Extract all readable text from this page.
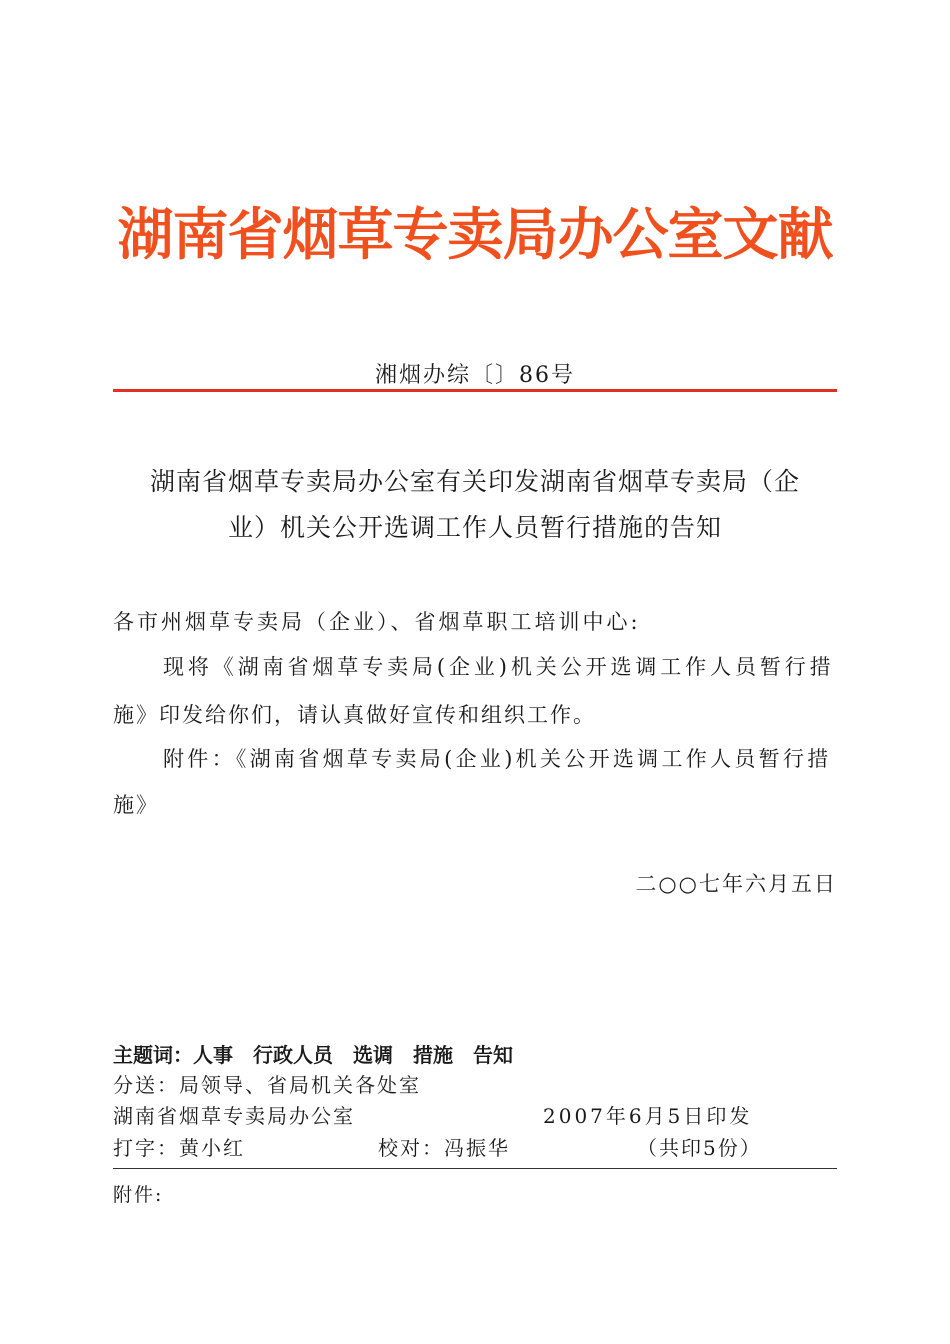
湖南省烟草专卖局办公室文献
湘烟办综〔〕86号
湖南省烟草专卖局办公室有关印发湖南省烟草专卖局（企
业）机关公开选调工作人员暂行措施的告知
各市州烟草专卖局（企业）、省烟草职工培训中心:
现将《湖南省烟草专卖局(企业)机关公开选调工作人员暂行措
施》印发给你们，请认真做好宣传和组织工作。
附件：《湖南省烟草专卖局(企业)机关公开选调工作人员暂行措
施》
二○○七年六月五日
主题词：人事　行政人员　选调　措施　告知
分送：局领导、省局机关各处室
湖南省烟草专卖局办公室	2007年6月5日印发
打字：黄小红	校对：冯振华	（共印5份）
附件:
